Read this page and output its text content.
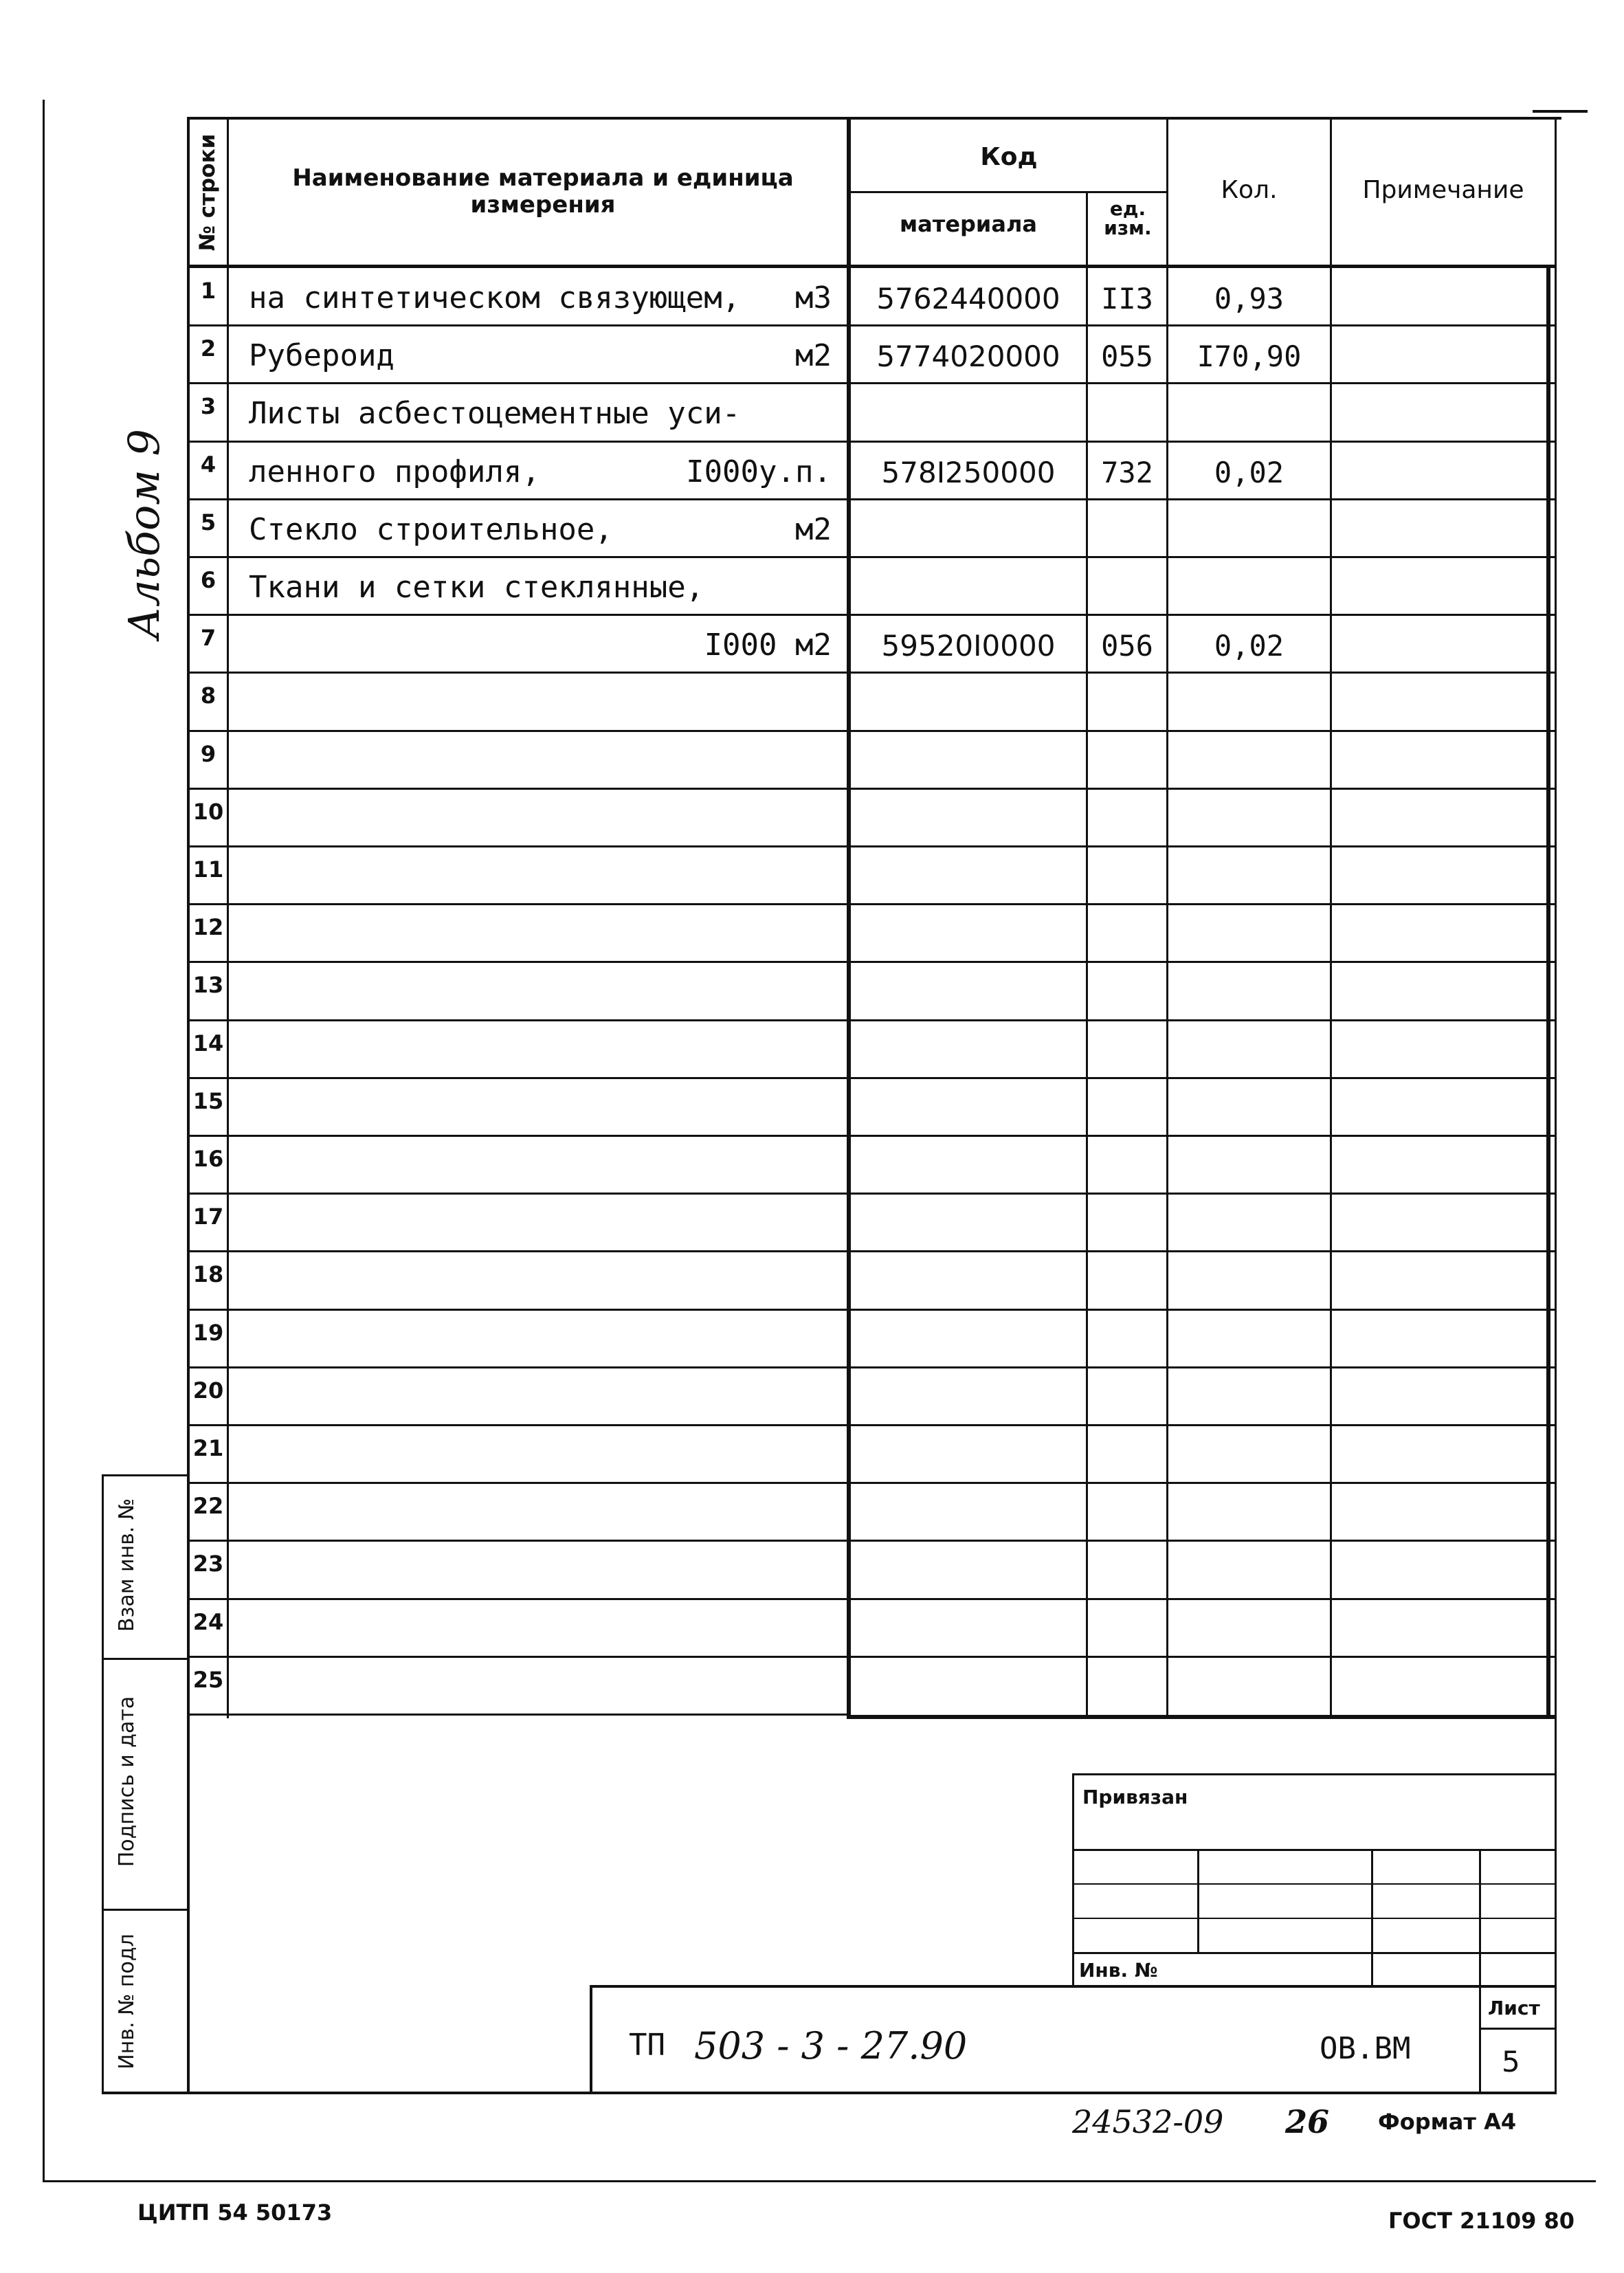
Альбом 9
№ строки	Наименование материала и единица измерения
Код
материала
ед. изм.
Кол.	Примечание
1	на синтетическом связующем,	м3	5762440000	II3	0,93
2	Рубероид	м2	5774020000	055	I70,90
3	Листы асбестоцементные уси-
4	ленного профиля,	I000у.п.	578I250000	732	0,02
5	Стекло строительное,	м2
6	Ткани и сетки стеклянные,
7	I000 м2	59520I0000	056	0,02
8
9
10
11
12
13
14
15
16
17
18
19
20
21
22
23
24
25
Взам инв. №
Подпись и дата
Инв. № подл
Привязан
Инв. №
ТП 503 - 3 - 27.90	ОВ.ВМ
Лист
5
24532-09 26 Формат А4
ЦИТП 54 50173	ГОСТ 21109 80
